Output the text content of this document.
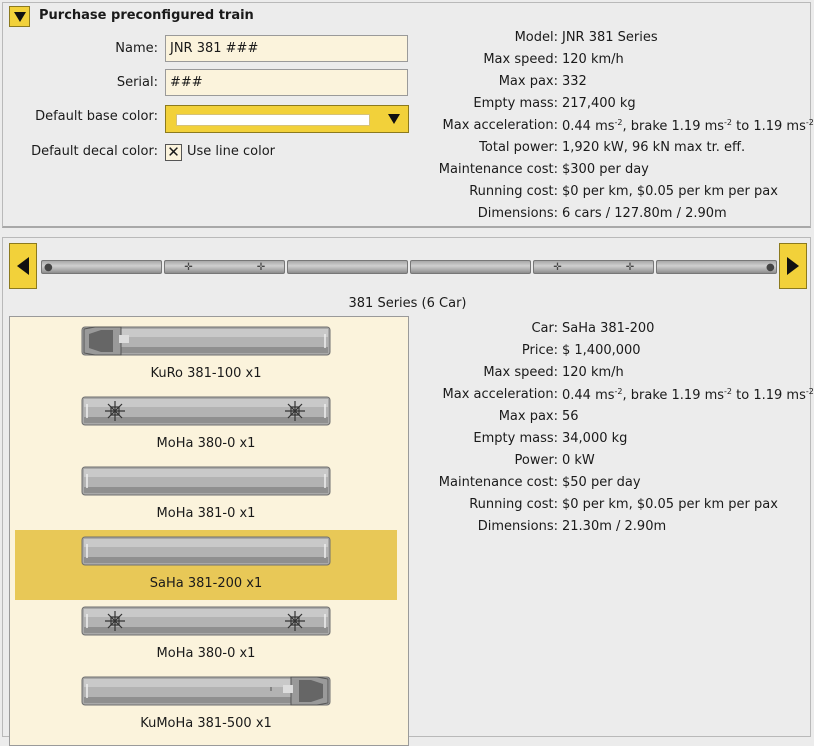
Purchase preconfigured train
Name: JNR 381 ###
Serial: ###
Default base color:
Default decal color: ✕ Use line color
Model: JNR 381 Series
Max speed: 120 km/h
Max pax: 332
Empty mass: 217,400 kg
Max acceleration: 0.44 $ms^{-2}$, brake 1.19 $ms^{-2}$ to 1.19 $ms^{-2}$
Total power: 1,920 kW, 96 kN max tr. eff.
Maintenance cost: $300 per day
Running cost: $0 per km, $0.05 per km per pax
Dimensions: 6 cars / 127.80m / 2.90m
●	✛	✛	✛	✛	●
381 Series (6 Car)
KuRo 381-100 x1
MoHa 380-0 x1
MoHa 381-0 x1
SaHa 381-200 x1
MoHa 380-0 x1
KuMoHa 381-500 x1
Car: SaHa 381-200
Price: $ 1,400,000
Max speed: 120 km/h
Max acceleration: 0.44 $ms^{-2}$, brake 1.19 $ms^{-2}$ to 1.19 $ms^{-2}$
Max pax: 56
Empty mass: 34,000 kg
Power: 0 kW
Maintenance cost: $50 per day
Running cost: $0 per km, $0.05 per km per pax
Dimensions: 21.30m / 2.90m
